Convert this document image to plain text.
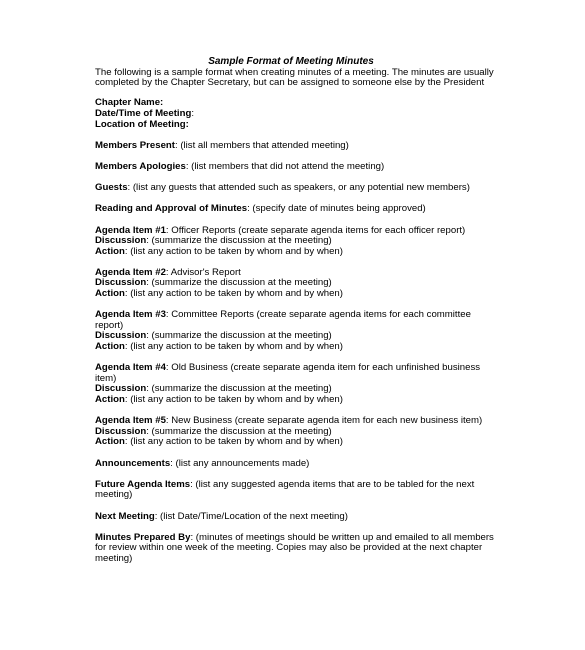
Sample Format of Meeting Minutes

The following is a sample format when creating minutes of a meeting. The minutes are usually completed by the Chapter Secretary, but can be assigned to someone else by the President

Chapter Name:
Date/Time of Meeting:
Location of Meeting:
Members Present: (list all members that attended meeting)
Members Apologies: (list members that did not attend the meeting)
Guests: (list any guests that attended such as speakers, or any potential new members)
Reading and Approval of Minutes: (specify date of minutes being approved)
Agenda Item #1: Officer Reports (create separate agenda items for each officer report)
Discussion: (summarize the discussion at the meeting)
Action: (list any action to be taken by whom and by when)
Agenda Item #2: Advisor's Report
Discussion: (summarize the discussion at the meeting)
Action: (list any action to be taken by whom and by when)
Agenda Item #3: Committee Reports (create separate agenda items for each committee report)
Discussion: (summarize the discussion at the meeting)
Action: (list any action to be taken by whom and by when)
Agenda Item #4: Old Business (create separate agenda item for each unfinished business item)
Discussion: (summarize the discussion at the meeting)
Action: (list any action to be taken by whom and by when)
Agenda Item #5: New Business (create separate agenda item for each new business item)
Discussion: (summarize the discussion at the meeting)
Action: (list any action to be taken by whom and by when)
Announcements: (list any announcements made)
Future Agenda Items: (list any suggested agenda items that are to be tabled for the next meeting)
Next Meeting: (list Date/Time/Location of the next meeting)
Minutes Prepared By: (minutes of meetings should be written up and emailed to all members for review within one week of the meeting. Copies may also be provided at the next chapter meeting)
